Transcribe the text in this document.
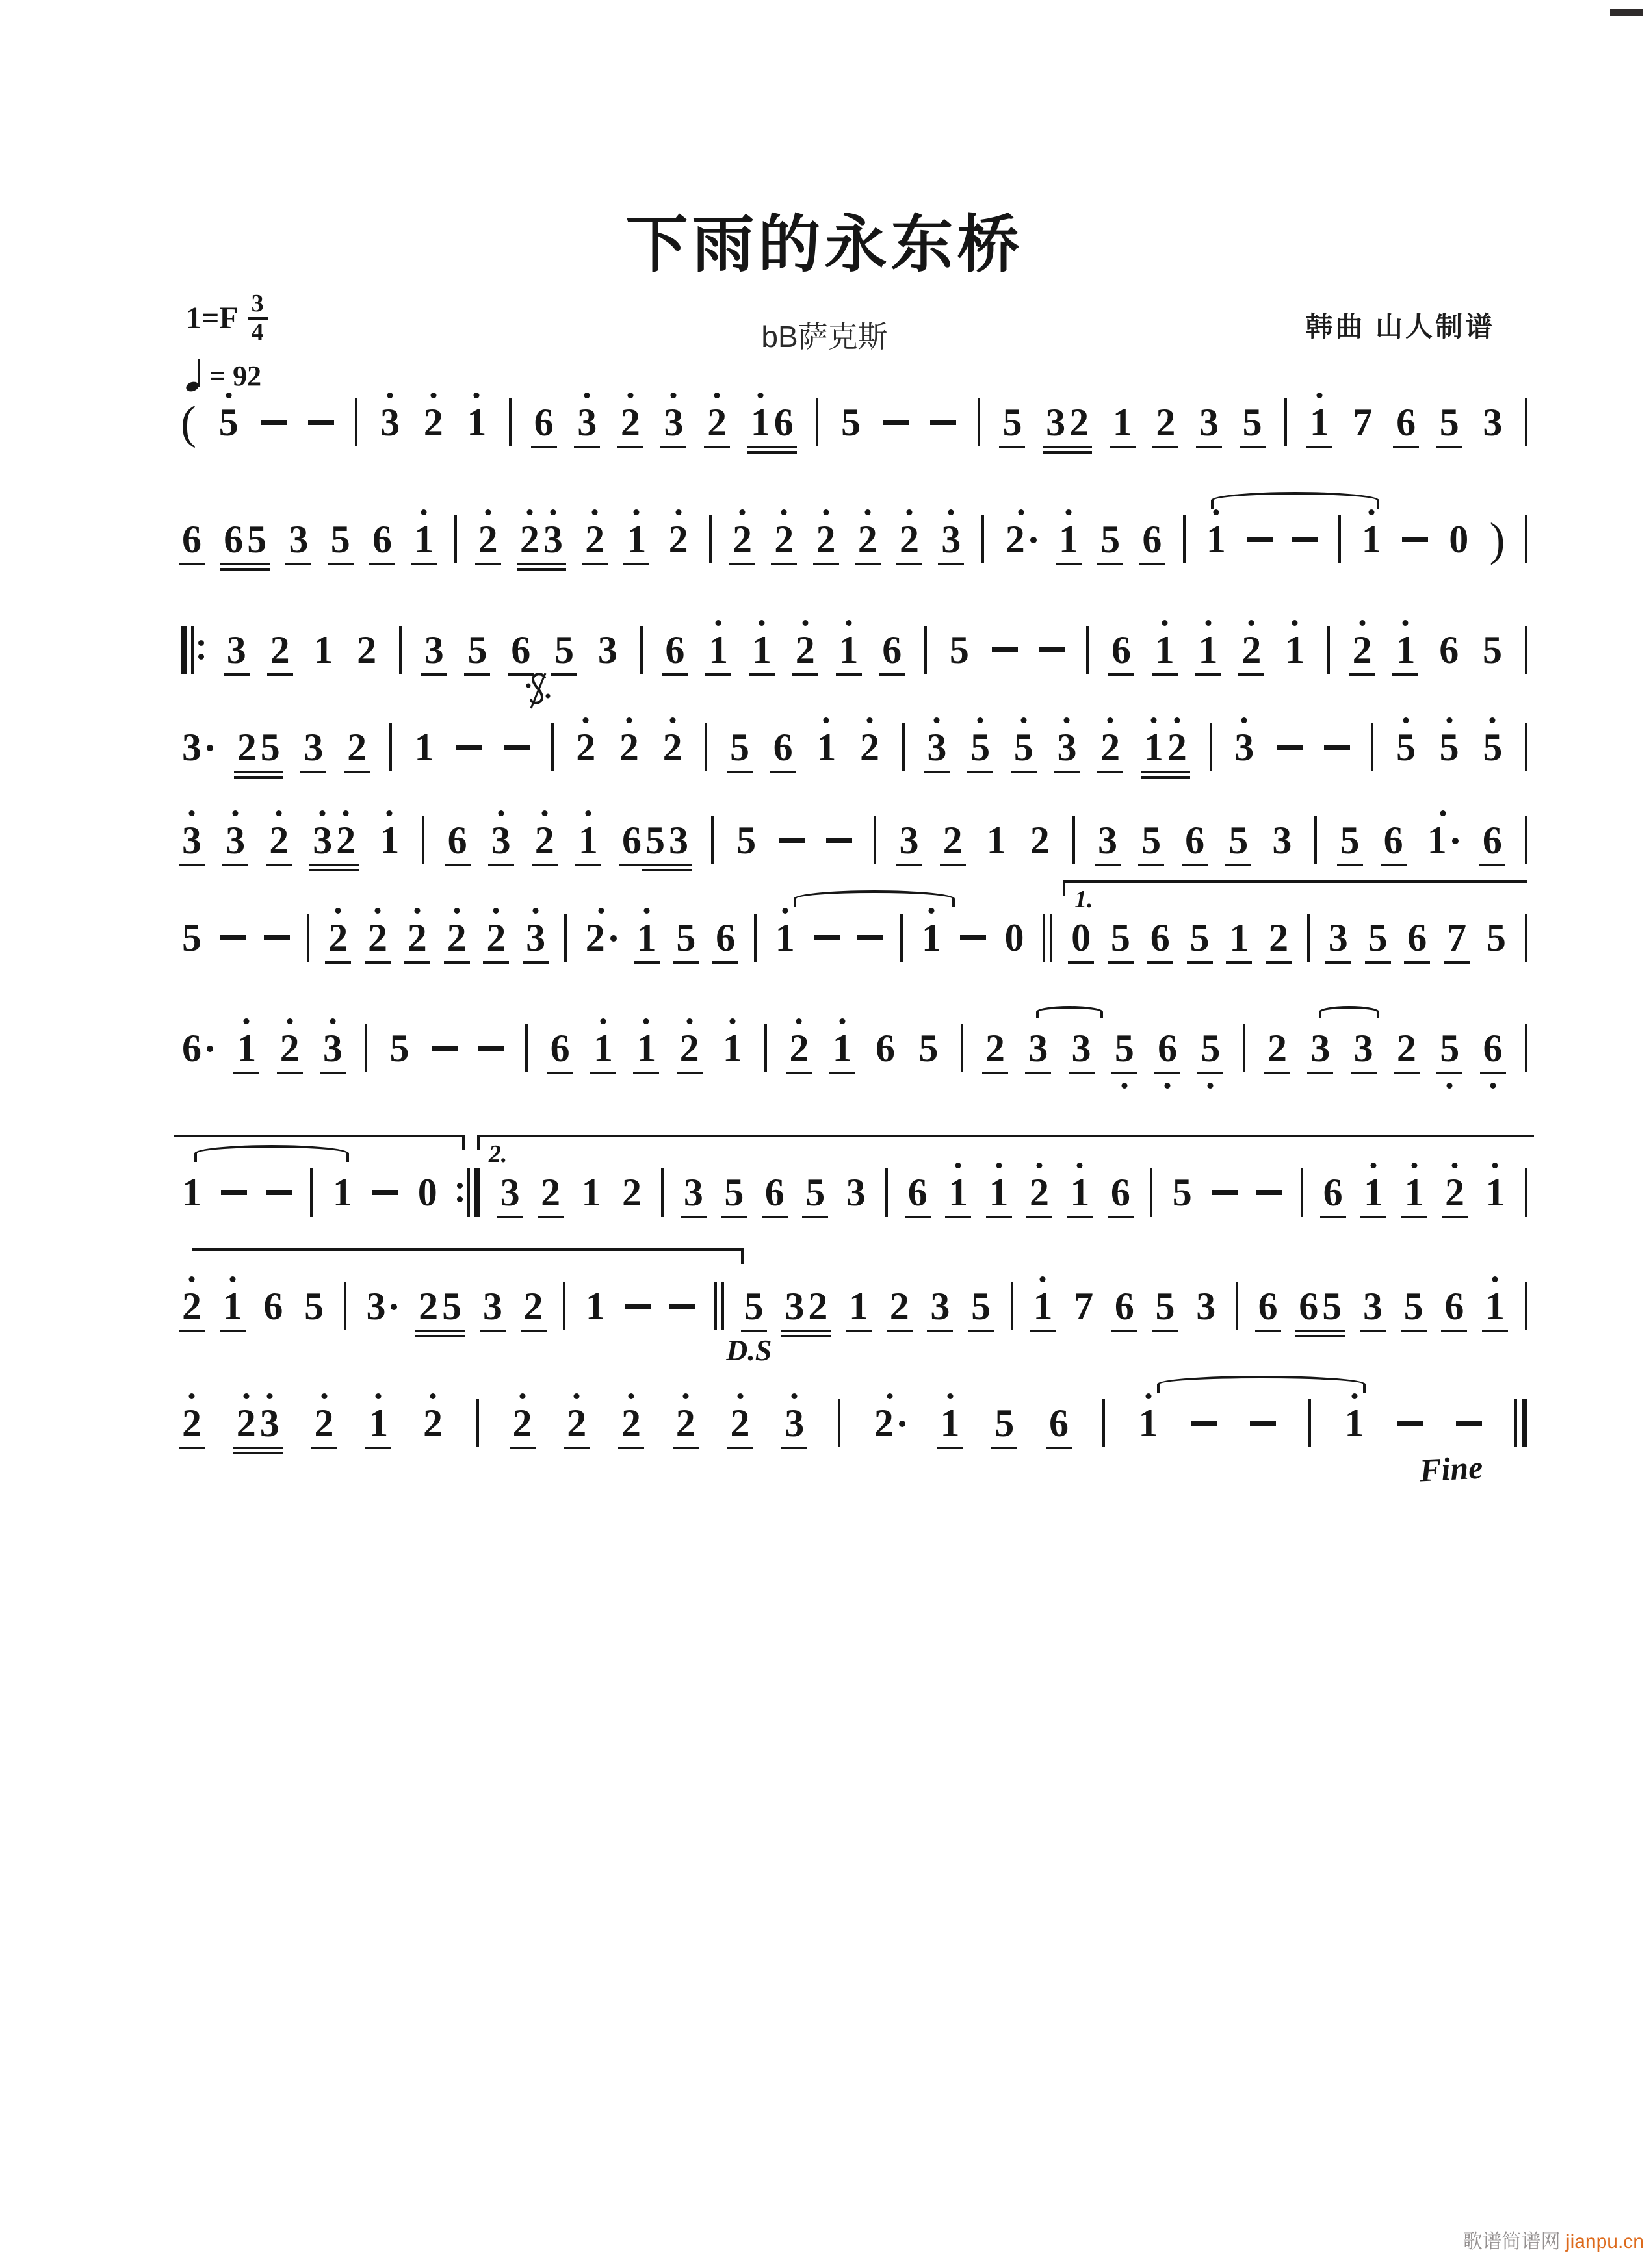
下雨的永东桥
bB萨克斯	韩曲 山人制谱
$1=F \frac{3}{4}$
= 92
( 5	3 2 1 6 3 2 3 2 1 6 5	5 3 2 1 2 3 5 1 7 6 5 3
6 6 5 3 5 6 1 2 2 3 2 1 2 2 2 2 2 2 3 2 1 5 6 1	1 0 )
3 2 1 2 3 5 6 5 3 6 1 1 2 1 6 5	6 1 1 2 1 2 1 6 5
3 2 5 3 2 1	2 2 2 5 6 1 2 3 5 5 3 2 1 2 3	5 5 5
3 3 2 3 2 1 6 3 2 1 6 5 3 5	3 2 1 2 3 5 6 5 3 5 6 1 6
5	2 2 2 2 2 3 2 1 5 6 1	1 0 0 5 6 5 1 2 3 5 6 7 5
1.
6 1 2 3 5	6 1 1 2 1 2 1 6 5 2 3 3 5 6 5 2 3 3 2 5 6
1	1 0 3 2 1 2 3 5 6 5 3 6 1 1 2 1 6 5	6 1 1 2 1
2.
2 1 6 5 3 2 5 3 2 1	5 3 2 1 2 3 5 1 7 6 5 3 6 6 5 3 5 6 1
D.S
2 2 3 2 1 2 2 2 2 2 2 3 2	1 5 6 1	1
Fine
歌谱简谱网 jianpu.cn
